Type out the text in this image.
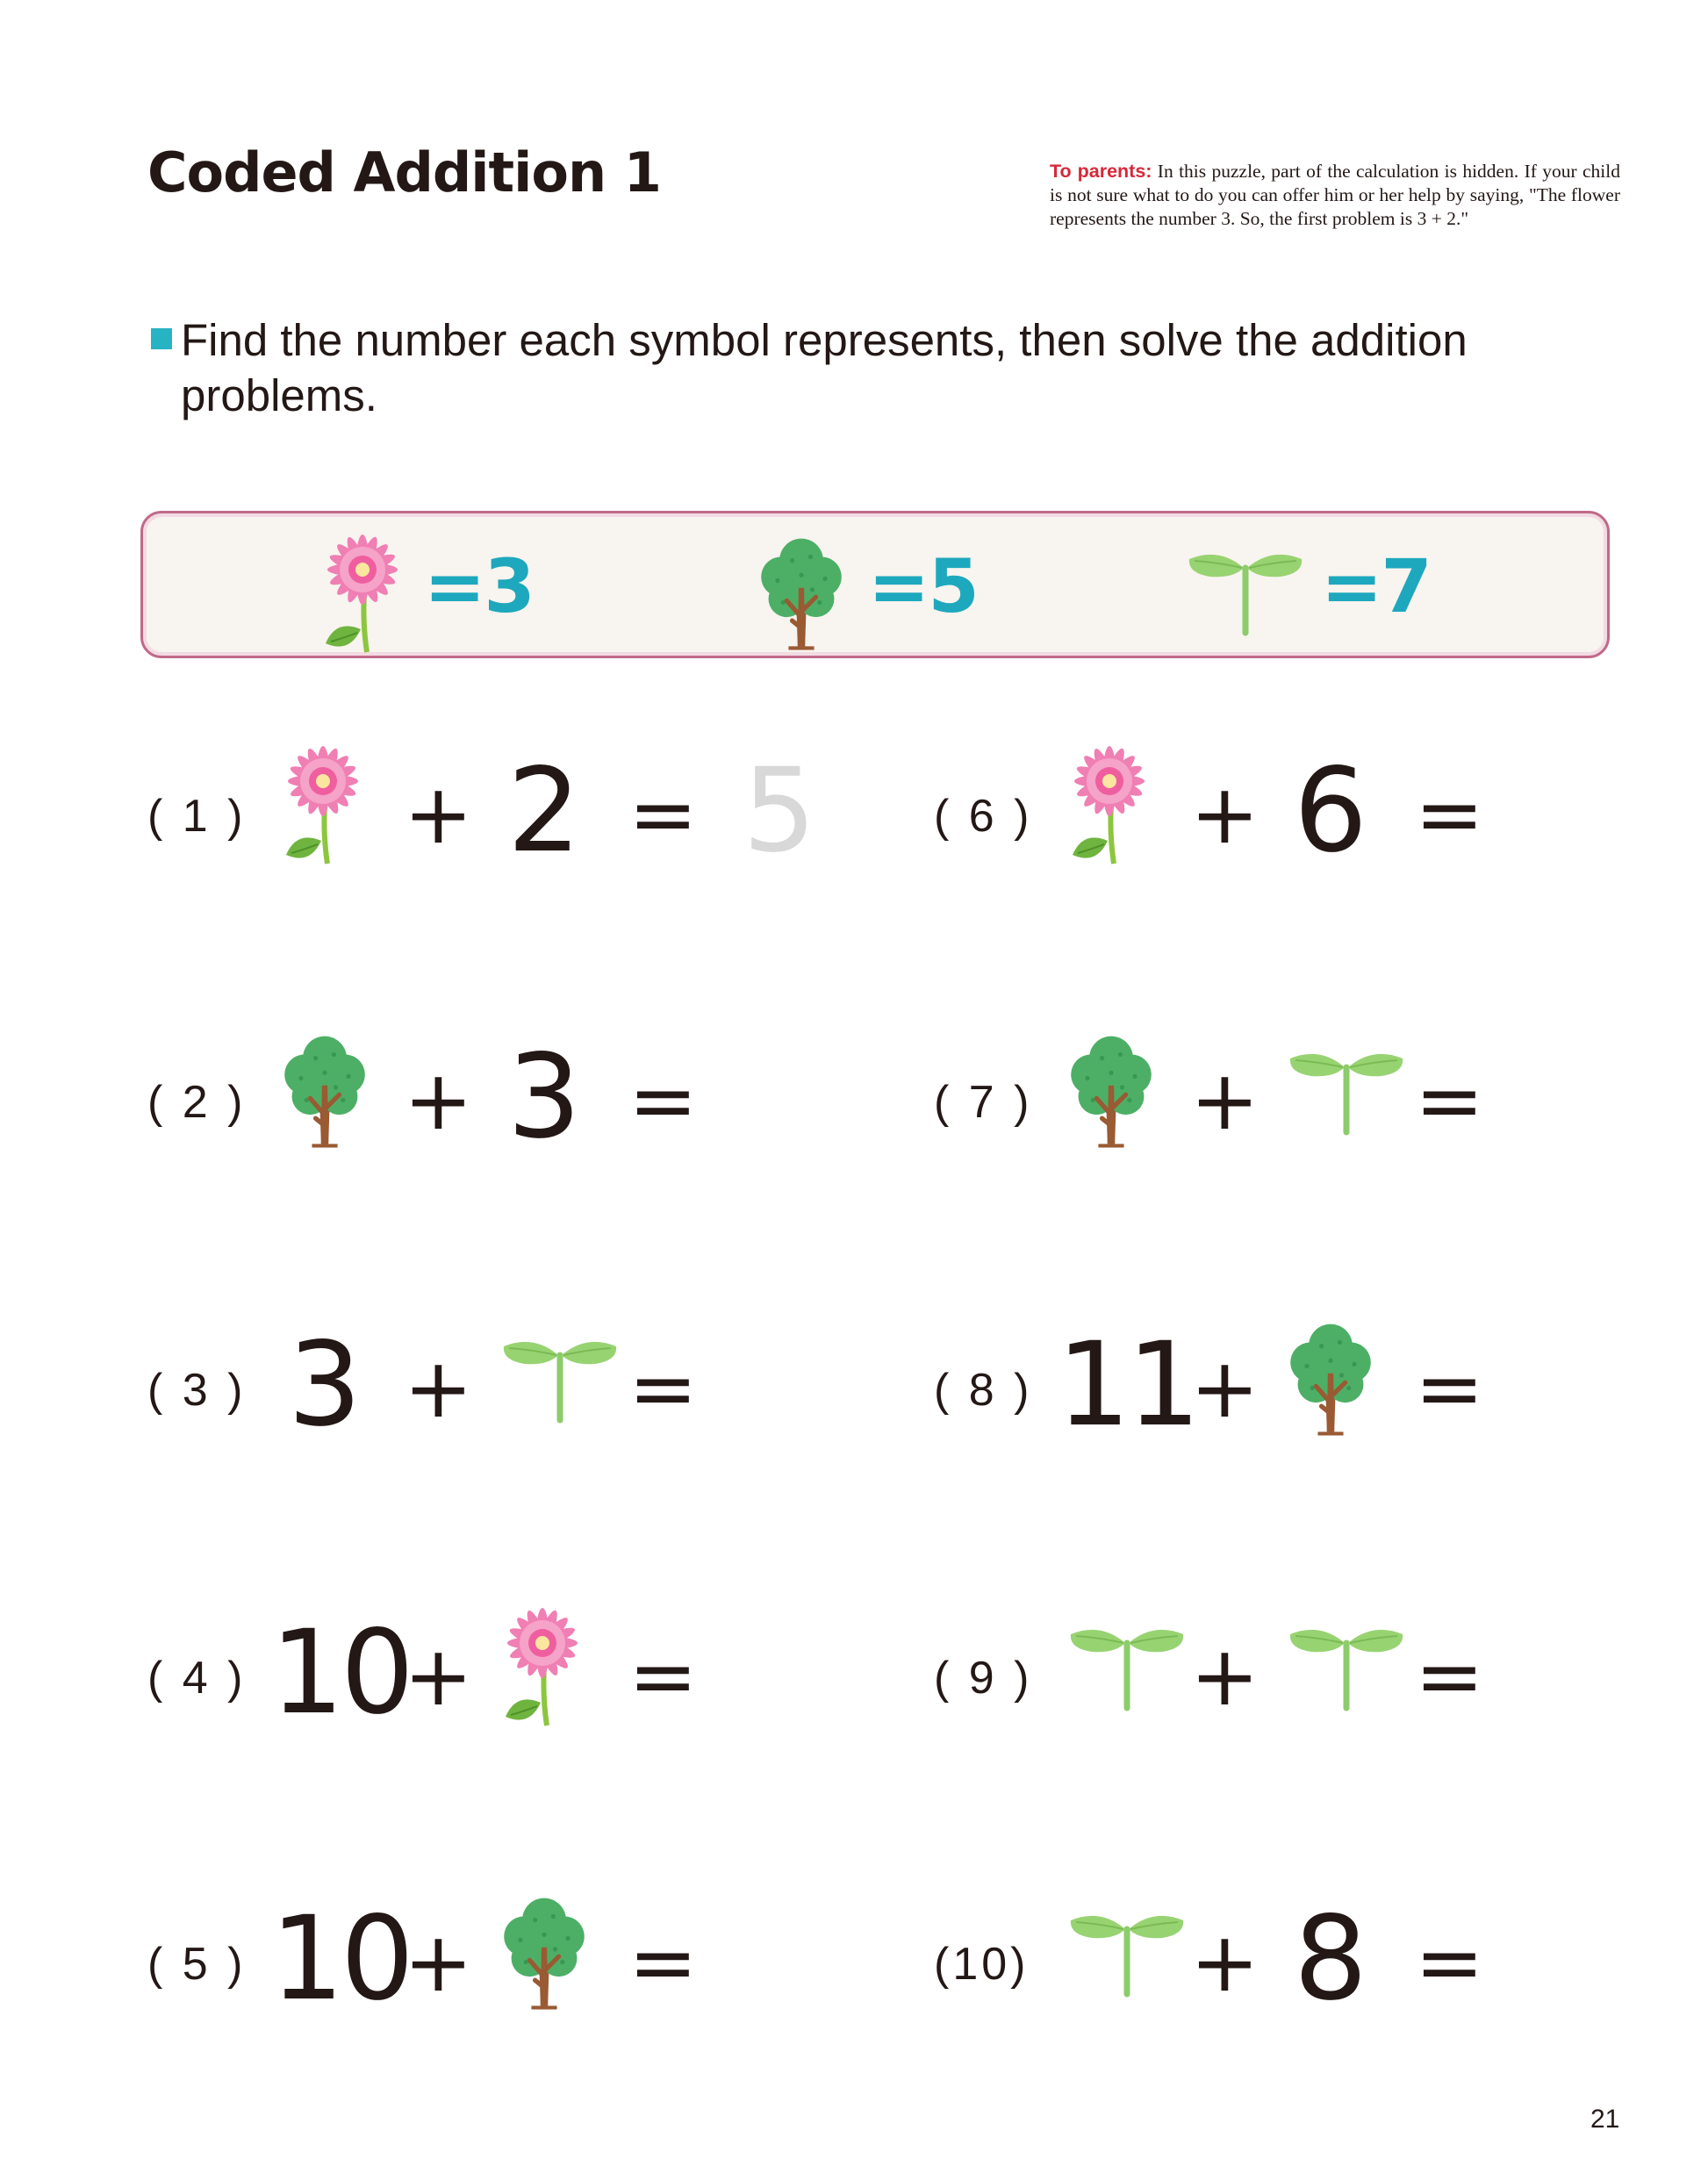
Coded Addition 1	To parents: In this puzzle, part of the calculation is hidden. If your child is not sure what to do you can offer him or her help by saying, "The flower represents the number 3. So, the first problem is 3 + 2."
Find the number each symbol represents, then solve the addition problems.
=3	=5	=7
( 1 ) + 2 = 5
( 2 ) + 3 =
( 3 ) 3 + =
( 4 ) 10
+ =
( 5 ) 10
+ =
( 6 ) + 6 =
( 7 ) + =
( 8 ) 11
+ =
( 9 ) + =
(10) + 8 =
21
